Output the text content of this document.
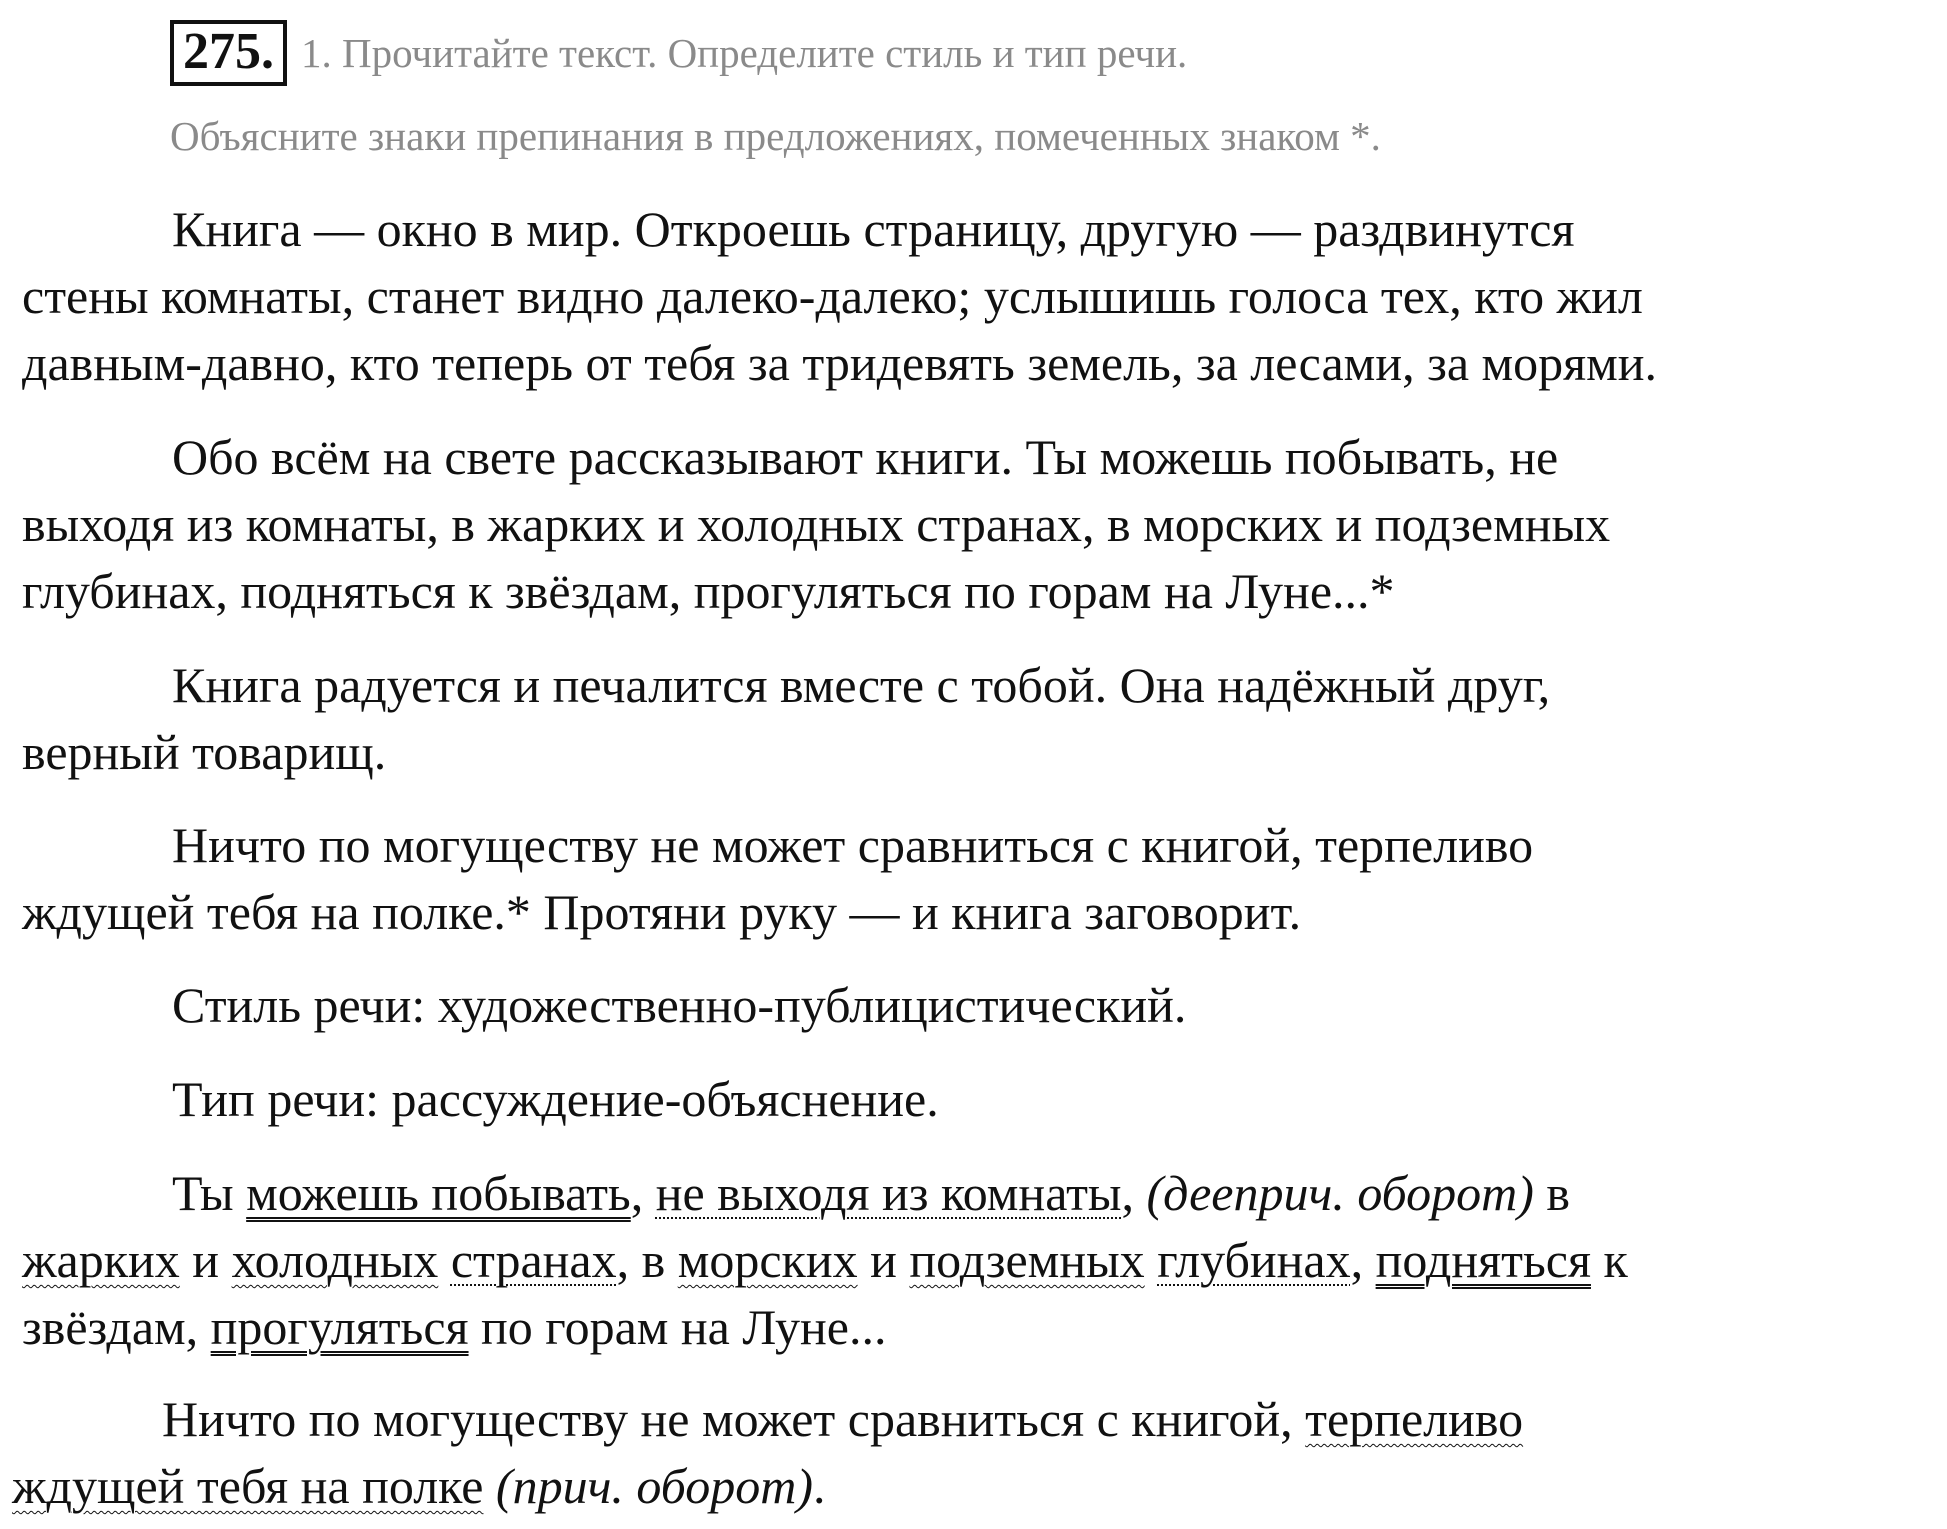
275. 1. Прочитайте текст. Определите стиль и тип речи.
Объясните знаки препинания в предложениях, помеченных знаком *.
Книга — окно в мир. Откроешь страницу, другую — раздвинутся
стены комнаты, станет видно далеко-далеко; услышишь голоса тех, кто жил
давным-давно, кто теперь от тебя за тридевять земель, за лесами, за морями.
Обо всём на свете рассказывают книги. Ты можешь побывать, не
выходя из комнаты, в жарких и холодных странах, в морских и подземных
глубинах, подняться к звёздам, прогуляться по горам на Луне...*
Книга радуется и печалится вместе с тобой. Она надёжный друг,
верный товарищ.
Ничто по могуществу не может сравниться с книгой, терпеливо
ждущей тебя на полке.* Протяни руку — и книга заговорит.
Стиль речи: художественно-публицистический.
Тип речи: рассуждение-объяснение.
Ты можешь побывать, не выходя из комнаты, (дееприч. оборот) в
жарких и холодных странах, в морских и подземных глубинах, подняться к
звёздам, прогуляться по горам на Луне...
Ничто по могуществу не может сравниться с книгой, терпеливо
ждущей тебя на полке (прич. оборот).
